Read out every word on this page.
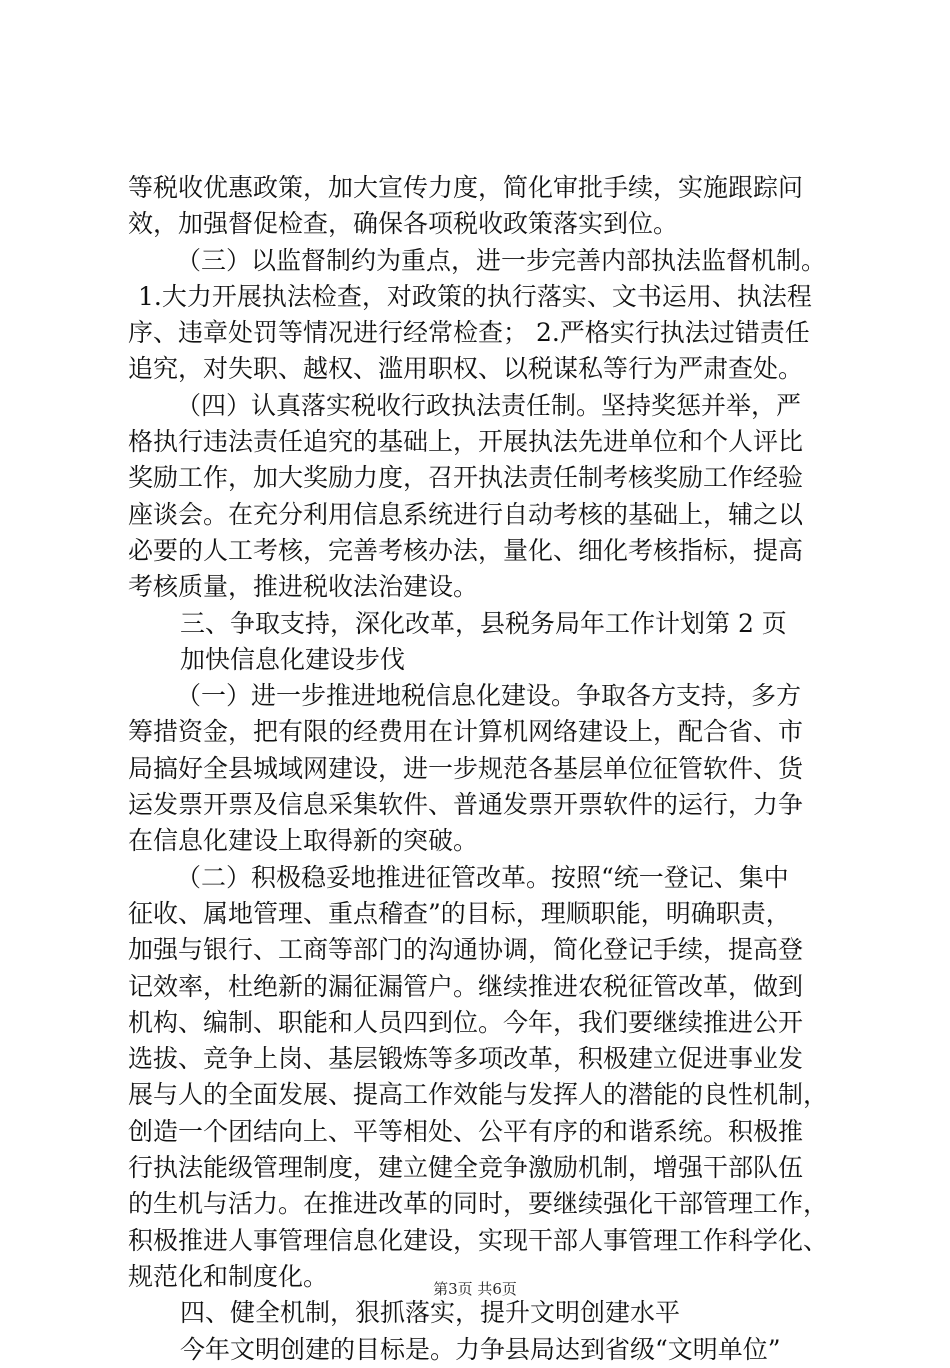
等税收优惠政策，加大宣传力度，简化审批手续，实施跟踪问
效，加强督促检查，确保各项税收政策落实到位。
（三）以监督制约为重点，进一步完善内部执法监督机制。
1.大力开展执法检查，对政策的执行落实、文书运用、执法程
序、违章处罚等情况进行经常检查； 2.严格实行执法过错责任
追究，对失职、越权、滥用职权、以税谋私等行为严肃查处。
（四）认真落实税收行政执法责任制。坚持奖惩并举，严
格执行违法责任追究的基础上，开展执法先进单位和个人评比
奖励工作，加大奖励力度，召开执法责任制考核奖励工作经验
座谈会。在充分利用信息系统进行自动考核的基础上，辅之以
必要的人工考核，完善考核办法，量化、细化考核指标，提高
考核质量，推进税收法治建设。
三、争取支持，深化改革，县税务局年工作计划第 2 页
加快信息化建设步伐
（一）进一步推进地税信息化建设。争取各方支持，多方
筹措资金，把有限的经费用在计算机网络建设上，配合省、市
局搞好全县城域网建设，进一步规范各基层单位征管软件、货
运发票开票及信息采集软件、普通发票开票软件的运行，力争
在信息化建设上取得新的突破。
（二）积极稳妥地推进征管改革。按照“统一登记、集中
征收、属地管理、重点稽查”的目标，理顺职能，明确职责，
加强与银行、工商等部门的沟通协调，简化登记手续，提高登
记效率，杜绝新的漏征漏管户。继续推进农税征管改革，做到
机构、编制、职能和人员四到位。今年，我们要继续推进公开
选拔、竞争上岗、基层锻炼等多项改革，积极建立促进事业发
展与人的全面发展、提高工作效能与发挥人的潜能的良性机制，
创造一个团结向上、平等相处、公平有序的和谐系统。积极推
行执法能级管理制度，建立健全竞争激励机制，增强干部队伍
的生机与活力。在推进改革的同时，要继续强化干部管理工作，
积极推进人事管理信息化建设，实现干部人事管理工作科学化、
规范化和制度化。
四、健全机制，狠抓落实，提升文明创建水平
今年文明创建的目标是。力争县局达到省级“文明单位”
第3页 共6页
